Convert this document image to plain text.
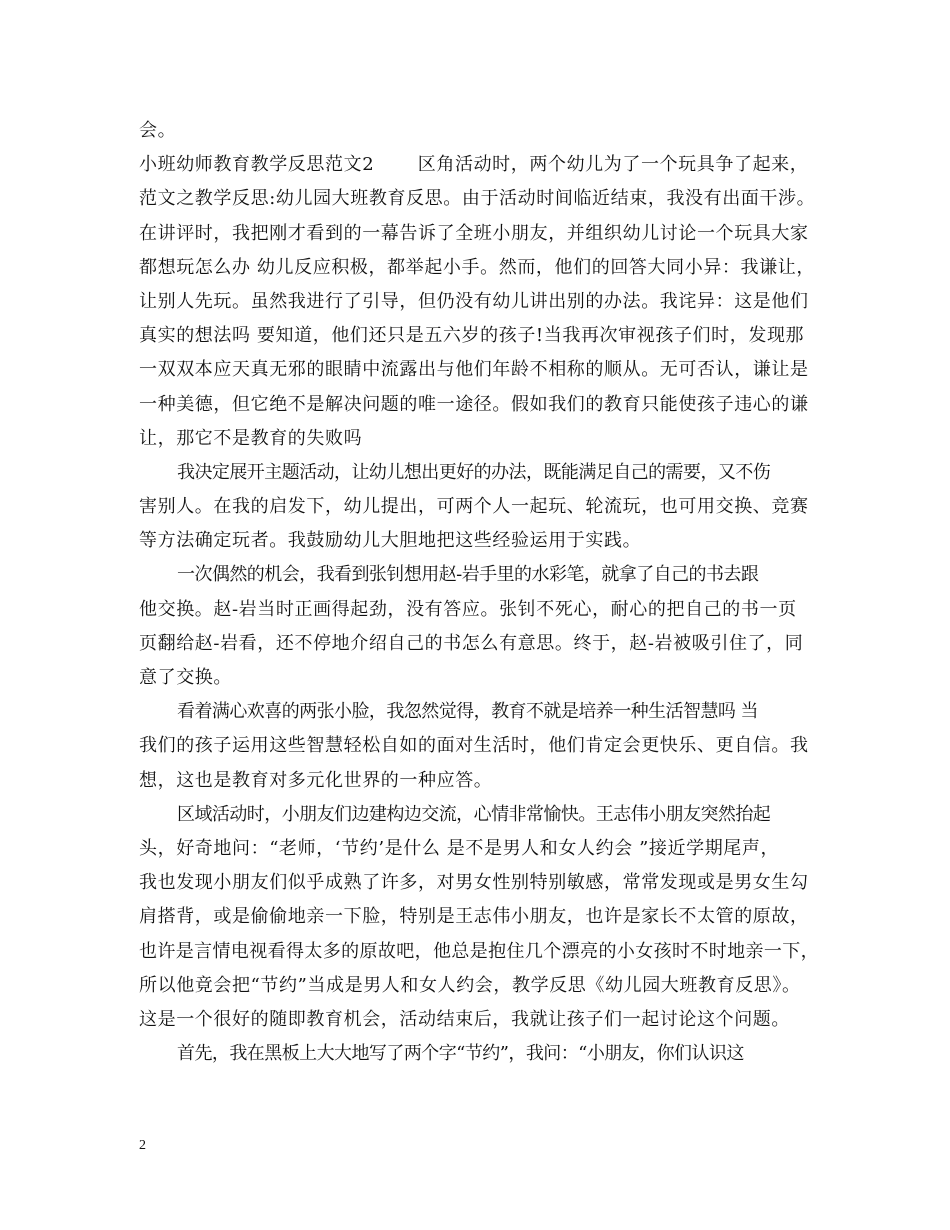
会。
小班幼师教育教学反思范文2 　　区角活动时，两个幼儿为了一个玩具争了起来，
范文之教学反思:幼儿园大班教育反思。由于活动时间临近结束，我没有出面干涉。
在讲评时，我把刚才看到的一幕告诉了全班小朋友，并组织幼儿讨论一个玩具大家
都想玩怎么办 幼儿反应积极，都举起小手。然而，他们的回答大同小异：我谦让，
让别人先玩。虽然我进行了引导，但仍没有幼儿讲出别的办法。我诧异：这是他们
真实的想法吗 要知道，他们还只是五六岁的孩子!当我再次审视孩子们时，发现那
一双双本应天真无邪的眼睛中流露出与他们年龄不相称的顺从。无可否认，谦让是
一种美德，但它绝不是解决问题的唯一途径。假如我们的教育只能使孩子违心的谦
让，那它不是教育的失败吗
我决定展开主题活动，让幼儿想出更好的办法，既能满足自己的需要，又不伤
害别人。在我的启发下，幼儿提出，可两个人一起玩、轮流玩，也可用交换、竞赛
等方法确定玩者。我鼓励幼儿大胆地把这些经验运用于实践。
一次偶然的机会，我看到张钊想用赵-岩手里的水彩笔，就拿了自己的书去跟
他交换。赵-岩当时正画得起劲，没有答应。张钊不死心，耐心的把自己的书一页
页翻给赵-岩看，还不停地介绍自己的书怎么有意思。终于，赵-岩被吸引住了，同
意了交换。
看着满心欢喜的两张小脸，我忽然觉得，教育不就是培养一种生活智慧吗 当
我们的孩子运用这些智慧轻松自如的面对生活时，他们肯定会更快乐、更自信。我
想，这也是教育对多元化世界的一种应答。
区域活动时，小朋友们边建构边交流，心情非常愉快。王志伟小朋友突然抬起
头，好奇地问：“老师，‘节约’是什么 是不是男人和女人约会 ”接近学期尾声，
我也发现小朋友们似乎成熟了许多，对男女性别特别敏感，常常发现或是男女生勾
肩搭背，或是偷偷地亲一下脸，特别是王志伟小朋友，也许是家长不太管的原故，
也许是言情电视看得太多的原故吧，他总是抱住几个漂亮的小女孩时不时地亲一下，
所以他竟会把“节约”当成是男人和女人约会，教学反思《幼儿园大班教育反思》。
这是一个很好的随即教育机会，活动结束后，我就让孩子们一起讨论这个问题。
首先，我在黑板上大大地写了两个字“节约”，我问：“小朋友，你们认识这
2
